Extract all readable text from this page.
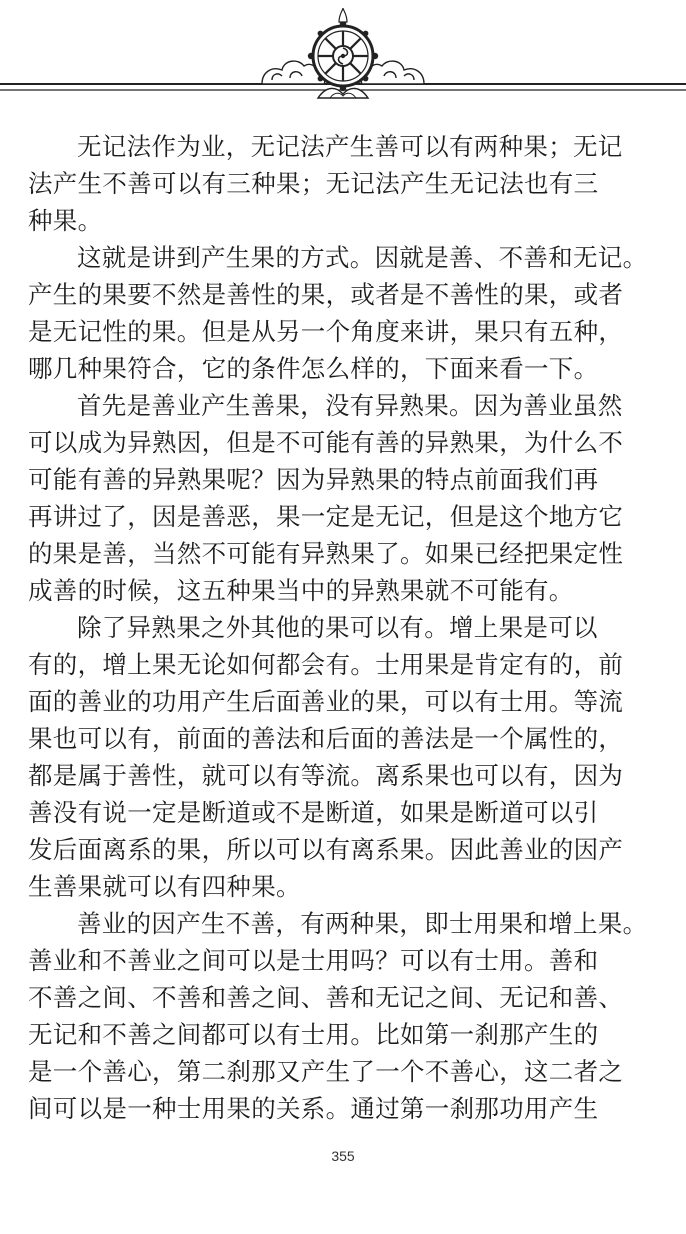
无记法作为业，无记法产生善可以有两种果；无记
法产生不善可以有三种果；无记法产生无记法也有三
种果。

这就是讲到产生果的方式。因就是善、不善和无记。
产生的果要不然是善性的果，或者是不善性的果，或者
是无记性的果。但是从另一个角度来讲，果只有五种，
哪几种果符合，它的条件怎么样的，下面来看一下。

首先是善业产生善果，没有异熟果。因为善业虽然
可以成为异熟因，但是不可能有善的异熟果，为什么不
可能有善的异熟果呢？因为异熟果的特点前面我们再
再讲过了，因是善恶，果一定是无记，但是这个地方它
的果是善，当然不可能有异熟果了。如果已经把果定性
成善的时候，这五种果当中的异熟果就不可能有。

除了异熟果之外其他的果可以有。增上果是可以
有的，增上果无论如何都会有。士用果是肯定有的，前
面的善业的功用产生后面善业的果，可以有士用。等流
果也可以有，前面的善法和后面的善法是一个属性的，
都是属于善性，就可以有等流。离系果也可以有，因为
善没有说一定是断道或不是断道，如果是断道可以引
发后面离系的果，所以可以有离系果。因此善业的因产
生善果就可以有四种果。

善业的因产生不善，有两种果，即士用果和增上果。
善业和不善业之间可以是士用吗？可以有士用。善和
不善之间、不善和善之间、善和无记之间、无记和善、
无记和不善之间都可以有士用。比如第一刹那产生的
是一个善心，第二刹那又产生了一个不善心，这二者之
间可以是一种士用果的关系。通过第一刹那功用产生

355
